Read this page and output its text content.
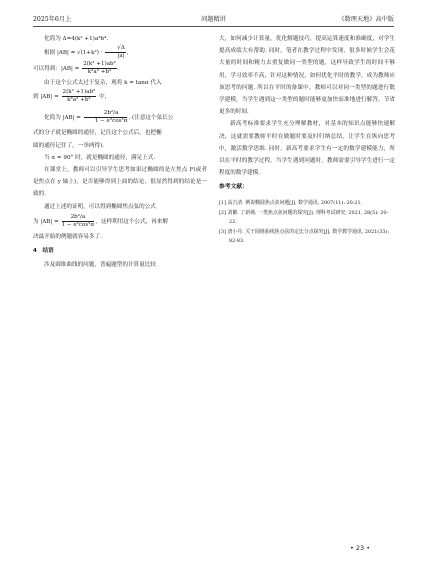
2025年6月上	问题精讲	《数理天地》高中版

化简为 Δ=4(k² +1)a⁴b⁴.

根据 $|AB| = √(1+k^2) \cdot \frac{√\Delta}{|a|}$ ,

可以得到：$|AB| = \frac{\text{2(k² +1)ab²}}{\text{k²a² +b²}}$ .

由于这个公式太过于复杂，观将 k = tanα 代入

到 $|AB| = \frac{\text{2(k² +1)ab²}}{\text{k²a² +b²}}$ 中，

化简为 $|AB| = \frac{\text{2b²/a}}{\text{1 − e²cos²α}}$ . (注意这个弦长公

式的分子就是椭圆的通径，记住这个公式后，也把椭

圆的通径记住了，一举两得).

当 α = 90° 时，就是椭圆的通径，满足上式.

在课堂上，教师可以引导学生思考如果过椭圆的是左焦点 F(或者是焦点在 y 轴上)，是否能够得到上面的结论，很显然得到的结论是一致的.

通过上述的证明，可以得到椭圆焦点弦的公式

为 $|AB| = \frac{\text{2b²/a}}{\text{1 − e²cos²α}}$ ，这样利用这个公式，再来解

决最开始的例题就容易多了.

4　结语

涉及圆锥曲线的问题，普遍题型的计算量比较

大，如何减少计算量，优化解题技巧，提高运算速度和准确度，对学生提高成绩大有帮助. 同时，笔者在教学过程中发现，很多时候学生会花大量的时间和精力去重复做同一类型的题，这样导致学生的时间不够用，学习效率不高，针对这种情况，如何优化平时的教学，成为教师应该思考的问题. 所以在平时的备课中，教师可以对同一类型的题进行数学建模，当学生遇到这一类型的题时能够更加快而准地进行解答，节省更多的时间.

新高考标准要求学生充分理解教材，对基本的知识点能够快速解决，这就需要教师平时在做题时要及时归纳总结，让学生在纵向思考中，激活数学思维. 同时，新高考要求学生有一定的数学建模能力，所以在平时的教学过程，当学生遇到问题时，教师需要引导学生进行一定程度的数学建模.

参考文献：

[1] 高吉清. 例说椭圆焦点弦问题[J]. 数学通讯, 2007(11): 20-21.

[2] 刘繁. 了新城. 一类焦点弦问题的探究[J]. 理科考试研究, 2021, 28(5): 20-22.

[3] 唐小丹. 关于圆锥曲线焦点弦的定比分点探究[J]. 数学教学通讯, 2021(33): 82-83.

• 23 •
